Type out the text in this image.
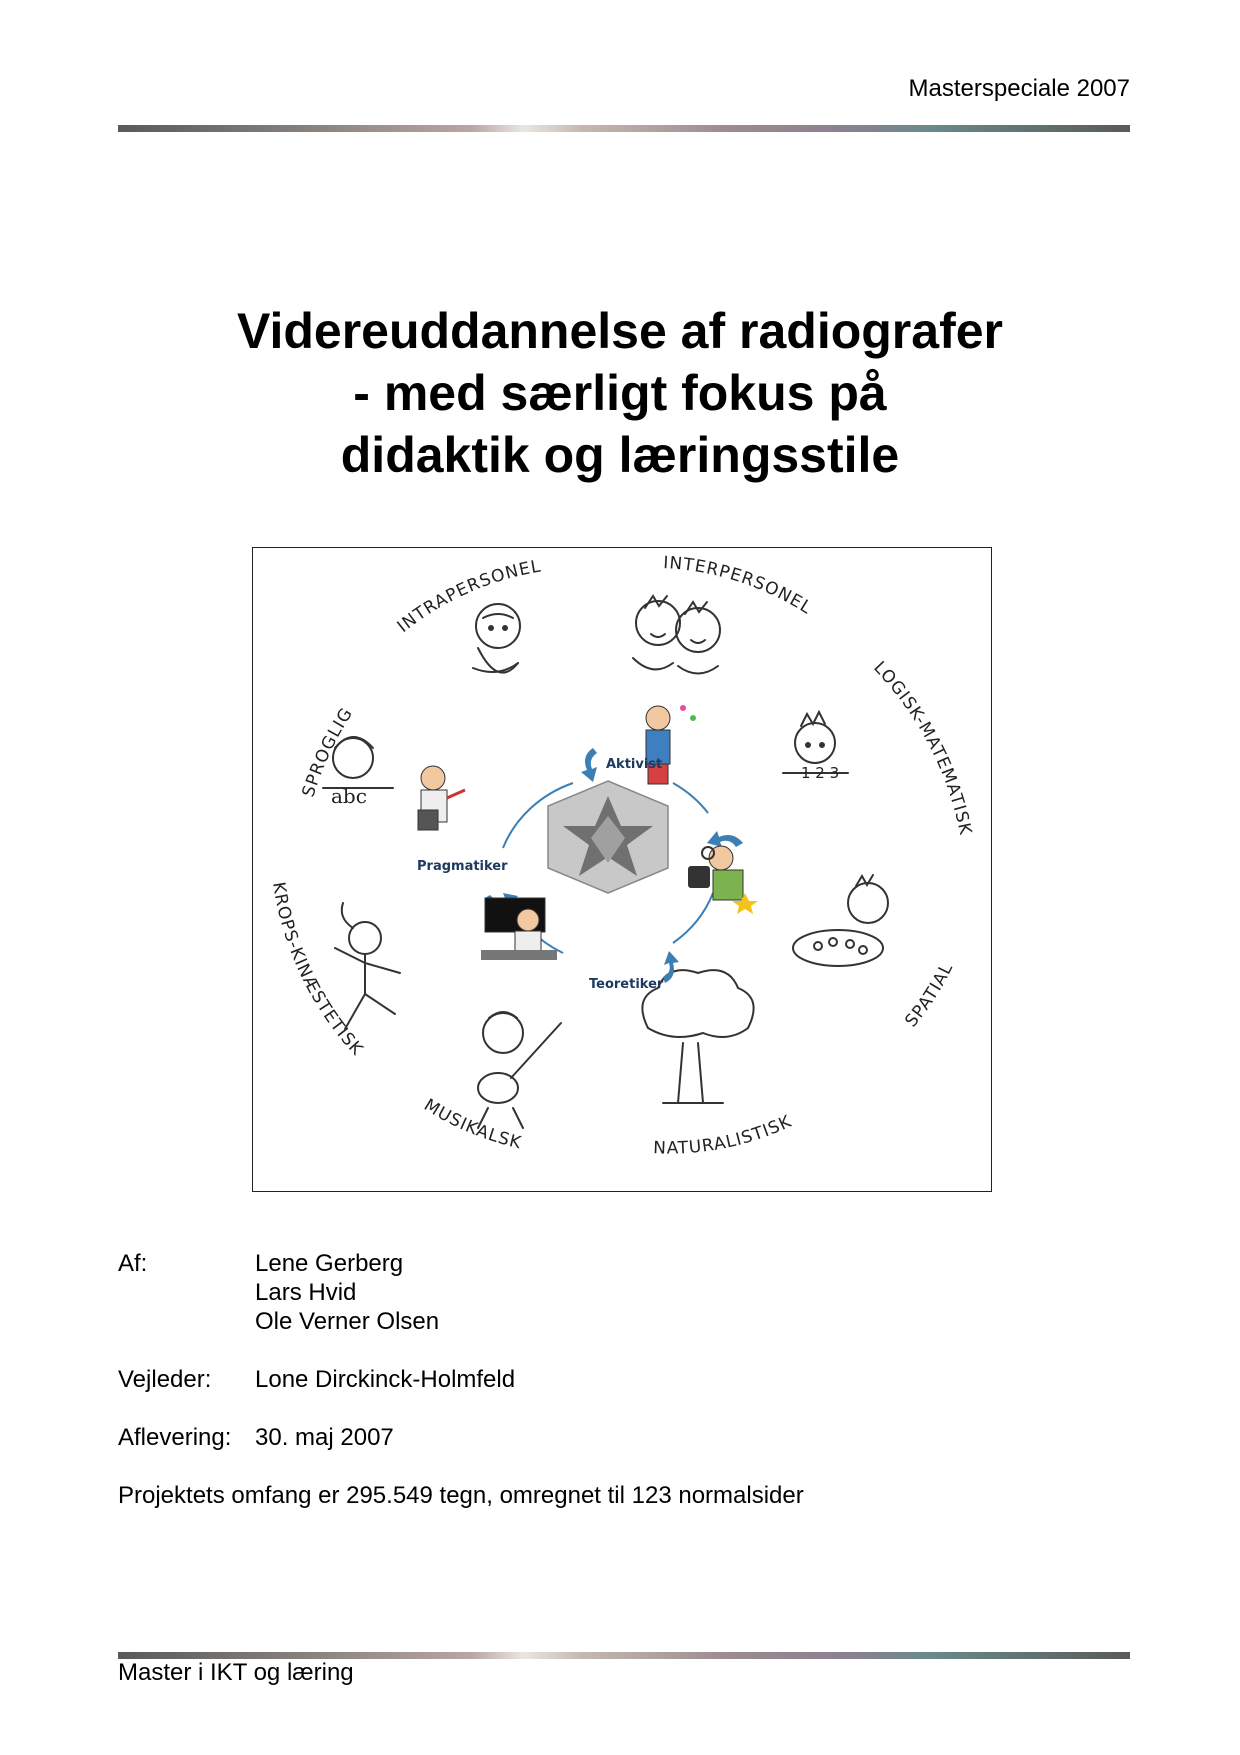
Masterspeciale 2007
Videreuddannelse af radiografer
- med særligt fokus på
didaktik og læringsstile
INTRAPERSONEL	INTERPERSONEL
LOGISK-MATEMATISK
SPATIAL
NATURALISTISK
MUSIKALSK
KROPS-KINÆSTETISK
SPROGLIG
1 2 3
abc
Aktivist
Pragmatiker
Teoretiker
Af:	Lene Gerberg
Lars Hvid
Ole Verner Olsen
Vejleder:	Lone Dirckinck-Holmfeld
Aflevering: 30. maj 2007
Projektets omfang er 295.549 tegn, omregnet til 123 normalsider
Master i IKT og læring
